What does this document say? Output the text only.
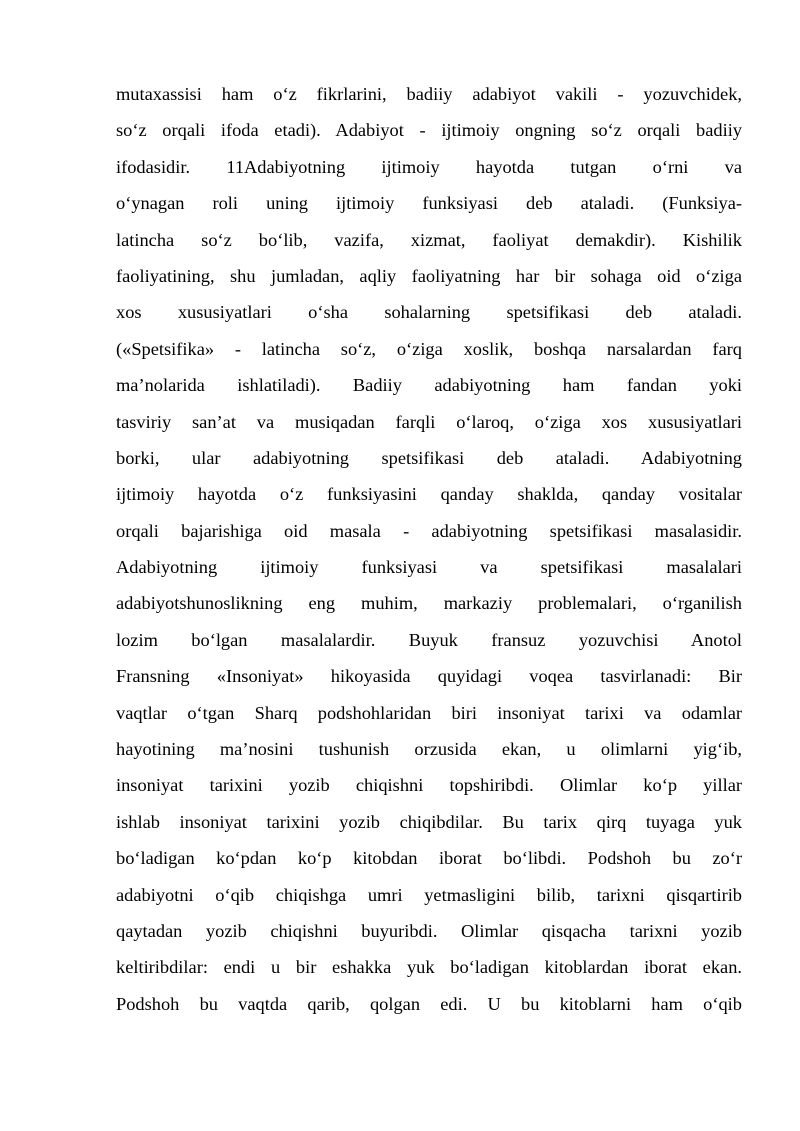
mutaxassisi ham o‘z fikrlarini, badiiy adabiyot vakili - yozuvchidek,
so‘z orqali ifoda etadi). Adabiyot - ijtimoiy ongning so‘z orqali badiiy
ifodasidir. 11Adabiyotning ijtimoiy hayotda tutgan o‘rni va
o‘ynagan roli uning ijtimoiy funksiyasi deb ataladi. (Funksiya-
latincha so‘z bo‘lib, vazifa, xizmat, faoliyat demakdir). Kishilik
faoliyatining, shu jumladan, aqliy faoliyatning har bir sohaga oid o‘ziga
xos xususiyatlari o‘sha sohalarning spetsifikasi deb ataladi.
(«Spetsifika» - latincha so‘z, o‘ziga xoslik, boshqa narsalardan farq
ma’nolarida ishlatiladi). Badiiy adabiyotning ham fandan yoki
tasviriy san’at va musiqadan farqli o‘laroq, o‘ziga xos xususiyatlari
borki, ular adabiyotning spetsifikasi deb ataladi. Adabiyotning
ijtimoiy hayotda o‘z funksiyasini qanday shaklda, qanday vositalar
orqali bajarishiga oid masala - adabiyotning spetsifikasi masalasidir.
Adabiyotning ijtimoiy funksiyasi va spetsifikasi masalalari
adabiyotshunoslikning eng muhim, markaziy problemalari, o‘rganilish
lozim bo‘lgan masalalardir. Buyuk fransuz yozuvchisi Anotol
Fransning «Insoniyat» hikoyasida quyidagi voqea tasvirlanadi: Bir
vaqtlar o‘tgan Sharq podshohlaridan biri insoniyat tarixi va odamlar
hayotining ma’nosini tushunish orzusida ekan, u olimlarni yig‘ib,
insoniyat tarixini yozib chiqishni topshiribdi. Olimlar ko‘p yillar
ishlab insoniyat tarixini yozib chiqibdilar. Bu tarix qirq tuyaga yuk
bo‘ladigan ko‘pdan ko‘p kitobdan iborat bo‘libdi. Podshoh bu zo‘r
adabiyotni o‘qib chiqishga umri yetmasligini bilib, tarixni qisqartirib
qaytadan yozib chiqishni buyuribdi. Olimlar qisqacha tarixni yozib
keltiribdilar: endi u bir eshakka yuk bo‘ladigan kitoblardan iborat ekan.
Podshoh bu vaqtda qarib, qolgan edi. U bu kitoblarni ham o‘qib
